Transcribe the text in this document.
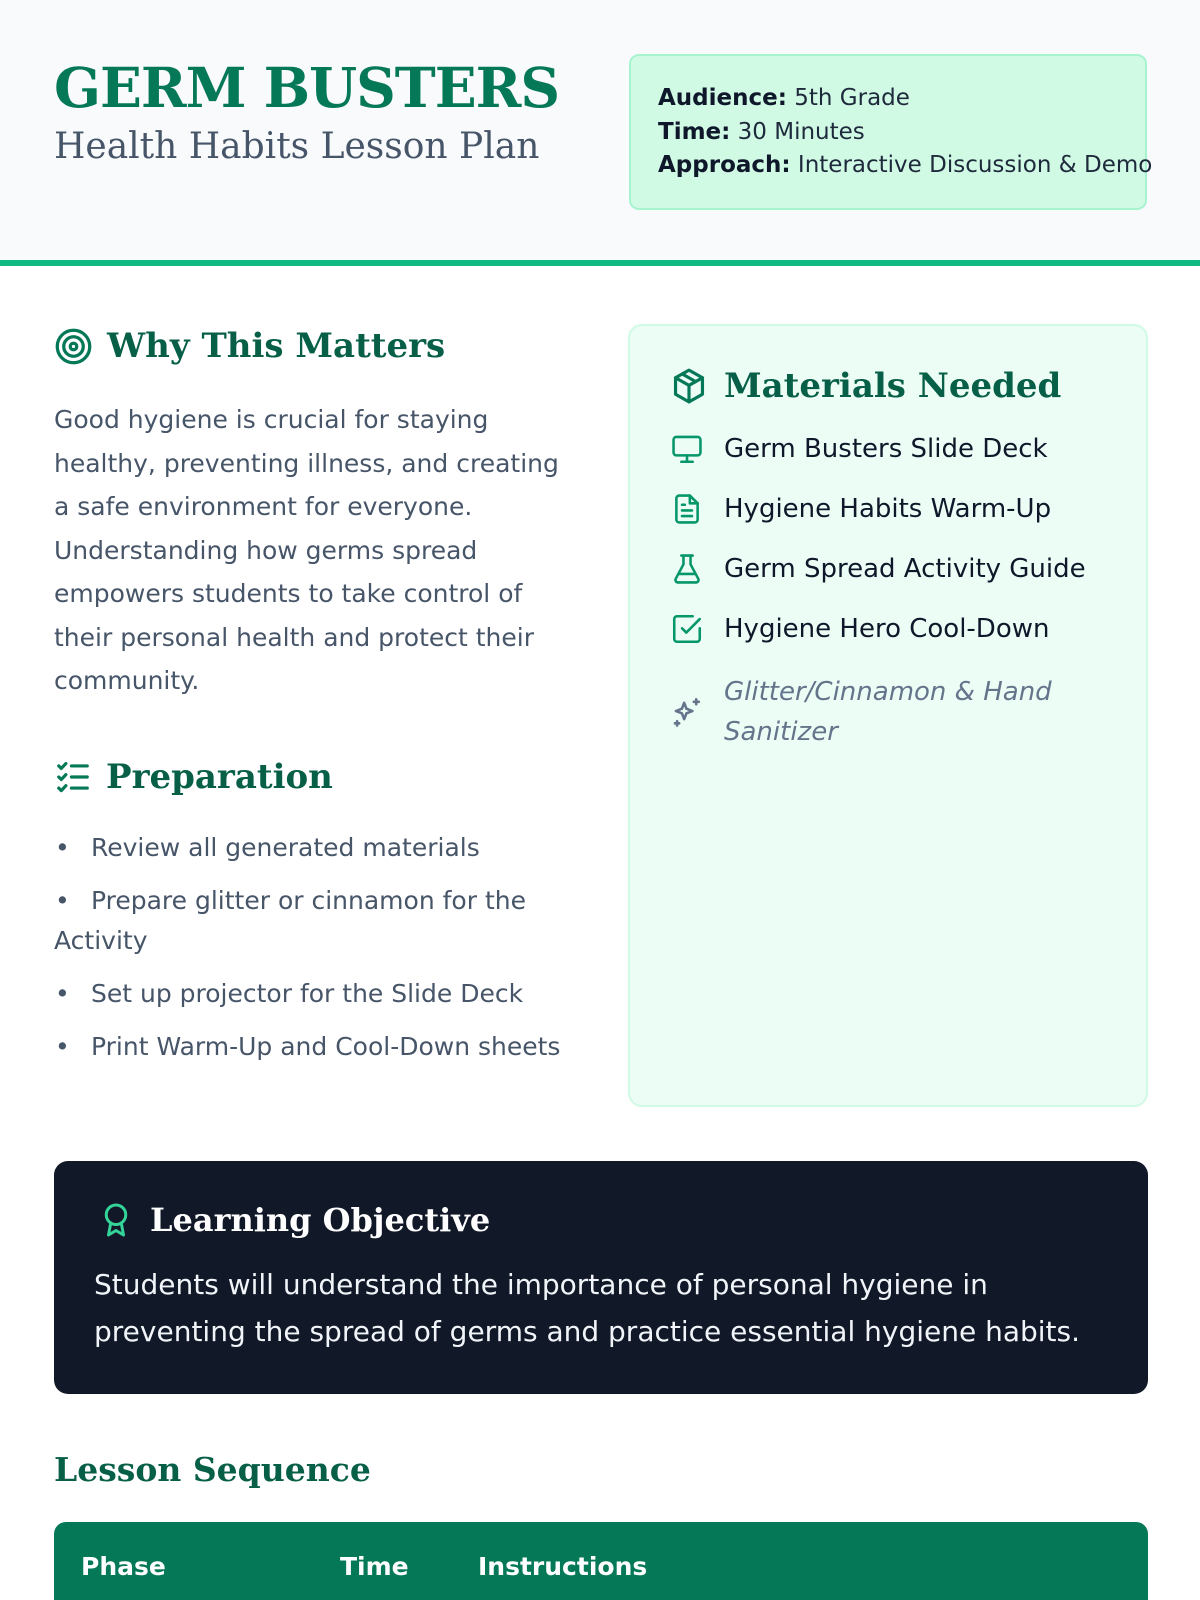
GERM BUSTERS
Health Habits Lesson Plan
Audience: 5th Grade
Time: 30 Minutes
Approach: Interactive Discussion & Demo
Why This Matters
Good hygiene is crucial for staying healthy, preventing illness, and creating a safe environment for everyone. Understanding how germs spread empowers students to take control of their personal health and protect their community.
Preparation
• Review all generated materials
• Prepare glitter or cinnamon for the Activity
• Set up projector for the Slide Deck
• Print Warm-Up and Cool-Down sheets
Materials Needed
Germ Busters Slide Deck
Hygiene Habits Warm-Up
Germ Spread Activity Guide
Hygiene Hero Cool-Down
Glitter/Cinnamon & Hand Sanitizer
Learning Objective
Students will understand the importance of personal hygiene in preventing the spread of germs and practice essential hygiene habits.
Lesson Sequence
Phase	Time	Instructions
